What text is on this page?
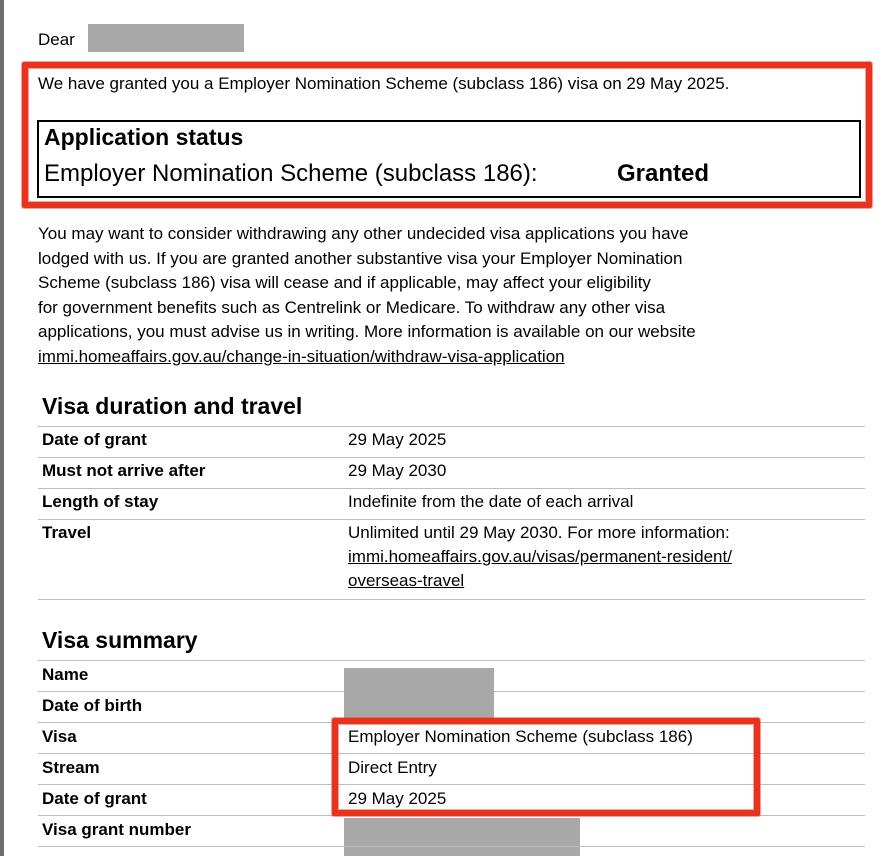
Dear
We have granted you a Employer Nomination Scheme (subclass 186) visa on 29 May 2025.
Application status
Employer Nomination Scheme (subclass 186):	Granted
You may want to consider withdrawing any other undecided visa applications you have
lodged with us. If you are granted another substantive visa your Employer Nomination
Scheme (subclass 186) visa will cease and if applicable, may affect your eligibility
for government benefits such as Centrelink or Medicare. To withdraw any other visa
applications, you must advise us in writing. More information is available on our website
immi.homeaffairs.gov.au/change-in-situation/withdraw-visa-application
Visa duration and travel
Date of grant	29 May 2025
Must not arrive after	29 May 2030
Length of stay	Indefinite from the date of each arrival
Travel	Unlimited until 29 May 2030. For more information:
immi.homeaffairs.gov.au/visas/permanent-resident/
overseas-travel
Visa summary
Name
Date of birth
Visa	Employer Nomination Scheme (subclass 186)
Stream	Direct Entry
Date of grant	29 May 2025
Visa grant number
